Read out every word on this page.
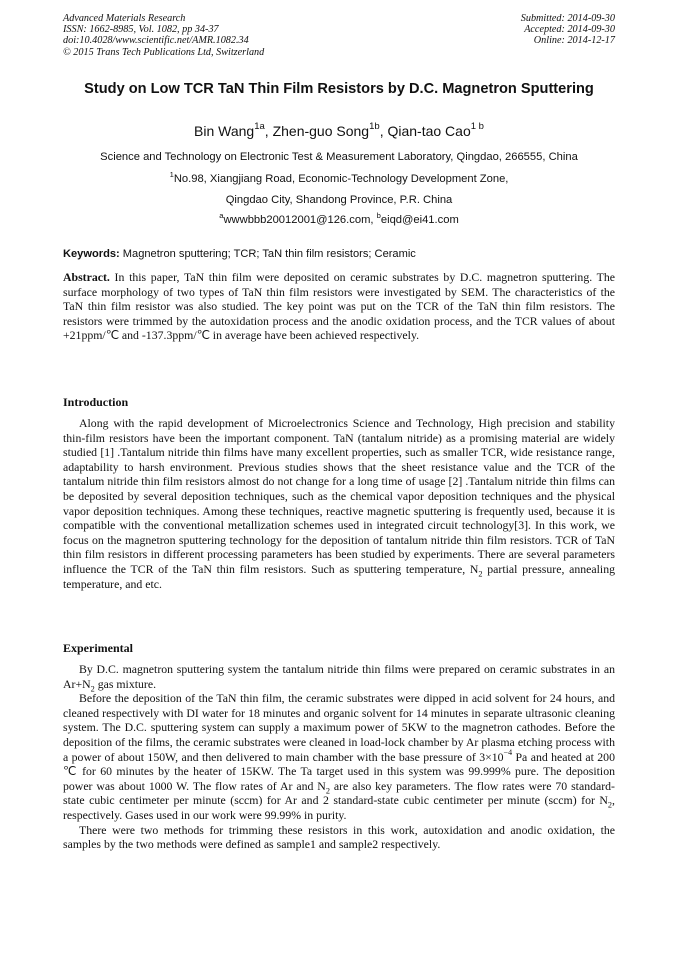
Advanced Materials Research
ISSN: 1662-8985, Vol. 1082, pp 34-37
doi:10.4028/www.scientific.net/AMR.1082.34
© 2015 Trans Tech Publications Ltd, Switzerland
Submitted: 2014-09-30
Accepted: 2014-09-30
Online: 2014-12-17
Study on Low TCR TaN Thin Film Resistors by D.C. Magnetron Sputtering
Bin Wang$^{1a}$, Zhen-guo Song$^{1b}$, Qian-tao Cao$^{1 b}$
Science and Technology on Electronic Test & Measurement Laboratory, Qingdao, 266555, China
$^1$No.98, Xiangjiang Road, Economic-Technology Development Zone,
Qingdao City, Shandong Province, P.R. China
$^a$wwwbbb20012001@126.com, $^b$eiqd@ei41.com
Keywords: Magnetron sputtering; TCR; TaN thin film resistors; Ceramic

Abstract. In this paper, TaN thin film were deposited on ceramic substrates by D.C. magnetron sputtering. The surface morphology of two types of TaN thin film resistors were investigated by SEM. The characteristics of the TaN thin film resistor was also studied. The key point was put on the TCR of the TaN thin film resistors. The resistors were trimmed by the autoxidation process and the anodic oxidation process, and the TCR values of about +21ppm/℃ and -137.3ppm/℃ in average have been achieved respectively.

Introduction

Along with the rapid development of Microelectronics Science and Technology, High precision and stability thin-film resistors have been the important component. TaN (tantalum nitride) as a promising material are widely studied [1] .Tantalum nitride thin films have many excellent properties, such as smaller TCR, wide resistance range, adaptability to harsh environment. Previous studies shows that the sheet resistance value and the TCR of the tantalum nitride thin film resistors almost do not change for a long time of usage [2] .Tantalum nitride thin films can be deposited by several deposition techniques, such as the chemical vapor deposition techniques and the physical vapor deposition techniques. Among these techniques, reactive magnetic sputtering is frequently used, because it is compatible with the conventional metallization schemes used in integrated circuit technology[3]. In this work, we focus on the magnetron sputtering technology for the deposition of tantalum nitride thin film resistors. TCR of TaN thin film resistors in different processing parameters has been studied by experiments. There are several parameters influence the TCR of the TaN thin film resistors. Such as sputtering temperature, $N_2$ partial pressure, annealing temperature, and etc.

Experimental

By D.C. magnetron sputtering system the tantalum nitride thin films were prepared on ceramic substrates in an $Ar+N_2$ gas mixture.

Before the deposition of the TaN thin film, the ceramic substrates were dipped in acid solvent for 24 hours, and cleaned respectively with DI water for 18 minutes and organic solvent for 14 minutes in separate ultrasonic cleaning system. The D.C. sputtering system can supply a maximum power of 5KW to the magnetron cathodes. Before the deposition of the films, the ceramic substrates were cleaned in load-lock chamber by Ar plasma etching process with a power of about 150W, and then delivered to main chamber with the base pressure of $3\times 10^{-4}$ Pa and heated at 200 ℃ for 60 minutes by the heater of 15KW. The Ta target used in this system was 99.999% pure. The deposition power was about 1000 W. The flow rates of Ar and $N_2$ are also key parameters. The flow rates were 70 standard-state cubic centimeter per minute (sccm) for Ar and 2 standard-state cubic centimeter per minute (sccm) for $N_2$, respectively. Gases used in our work were 99.99% in purity.

There were two methods for trimming these resistors in this work, autoxidation and anodic oxidation, the samples by the two methods were defined as sample1 and sample2 respectively.
